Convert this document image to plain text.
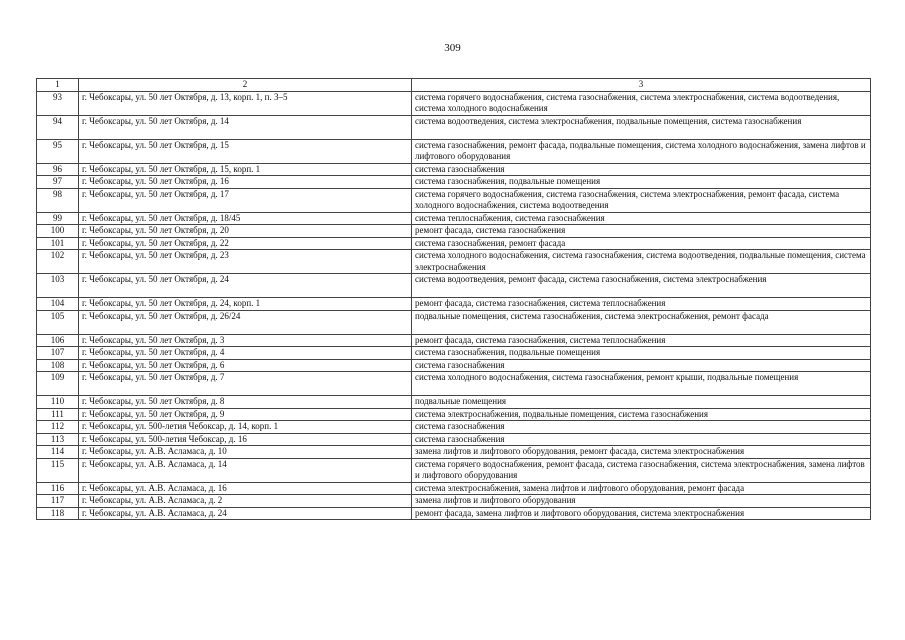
309
1	2	3
93	г. Чебоксары, ул. 50 лет Октября, д. 13, корп. 1, п. 3–5	система горячего водоснабжения, система газоснабжения, система электроснабжения, система водоотведения, система холодного водоснабжения
94	г. Чебоксары, ул. 50 лет Октября, д. 14	система водоотведения, система электроснабжения, подвальные помещения, система газоснабжения
95	г. Чебоксары, ул. 50 лет Октября, д. 15	система газоснабжения, ремонт фасада, подвальные помещения, система холодного водоснабжения, замена лифтов и лифтового оборудования
96	г. Чебоксары, ул. 50 лет Октября, д. 15, корп. 1	система газоснабжения
97	г. Чебоксары, ул. 50 лет Октября, д. 16	система газоснабжения, подвальные помещения
98	г. Чебоксары, ул. 50 лет Октября, д. 17	система горячего водоснабжения, система газоснабжения, система электроснабжения, ремонт фасада, система холодного водоснабжения, система водоотведения
99	г. Чебоксары, ул. 50 лет Октября, д. 18/45	система теплоснабжения, система газоснабжения
100	г. Чебоксары, ул. 50 лет Октября, д. 20	ремонт фасада, система газоснабжения
101	г. Чебоксары, ул. 50 лет Октября, д. 22	система газоснабжения, ремонт фасада
102	г. Чебоксары, ул. 50 лет Октября, д. 23	система холодного водоснабжения, система газоснабжения, система водоотведения, подвальные помещения, система электроснабжения
103	г. Чебоксары, ул. 50 лет Октября, д. 24	система водоотведения, ремонт фасада, система газоснабжения, система электроснабжения
104	г. Чебоксары, ул. 50 лет Октября, д. 24, корп. 1	ремонт фасада, система газоснабжения, система теплоснабжения
105	г. Чебоксары, ул. 50 лет Октября, д. 26/24	подвальные помещения, система газоснабжения, система электроснабжения, ремонт фасада
106	г. Чебоксары, ул. 50 лет Октября, д. 3	ремонт фасада, система газоснабжения, система теплоснабжения
107	г. Чебоксары, ул. 50 лет Октября, д. 4	система газоснабжения, подвальные помещения
108	г. Чебоксары, ул. 50 лет Октября, д. 6	система газоснабжения
109	г. Чебоксары, ул. 50 лет Октября, д. 7	система холодного водоснабжения, система газоснабжения, ремонт крыши, подвальные помещения
110	г. Чебоксары, ул. 50 лет Октября, д. 8	подвальные помещения
111	г. Чебоксары, ул. 50 лет Октября, д. 9	система электроснабжения, подвальные помещения, система газоснабжения
112	г. Чебоксары, ул. 500-летия Чебоксар, д. 14, корп. 1	система газоснабжения
113	г. Чебоксары, ул. 500-летия Чебоксар, д. 16	система газоснабжения
114	г. Чебоксары, ул. А.В. Асламаса, д. 10	замена лифтов и лифтового оборудования, ремонт фасада, система электроснабжения
115	г. Чебоксары, ул. А.В. Асламаса, д. 14	система горячего водоснабжения, ремонт фасада, система газоснабжения, система электроснабжения, замена лифтов и лифтового оборудования
116	г. Чебоксары, ул. А.В. Асламаса, д. 16	система электроснабжения, замена лифтов и лифтового оборудования, ремонт фасада
117	г. Чебоксары, ул. А.В. Асламаса, д. 2	замена лифтов и лифтового оборудования
118	г. Чебоксары, ул. А.В. Асламаса, д. 24	ремонт фасада, замена лифтов и лифтового оборудования, система электроснабжения
